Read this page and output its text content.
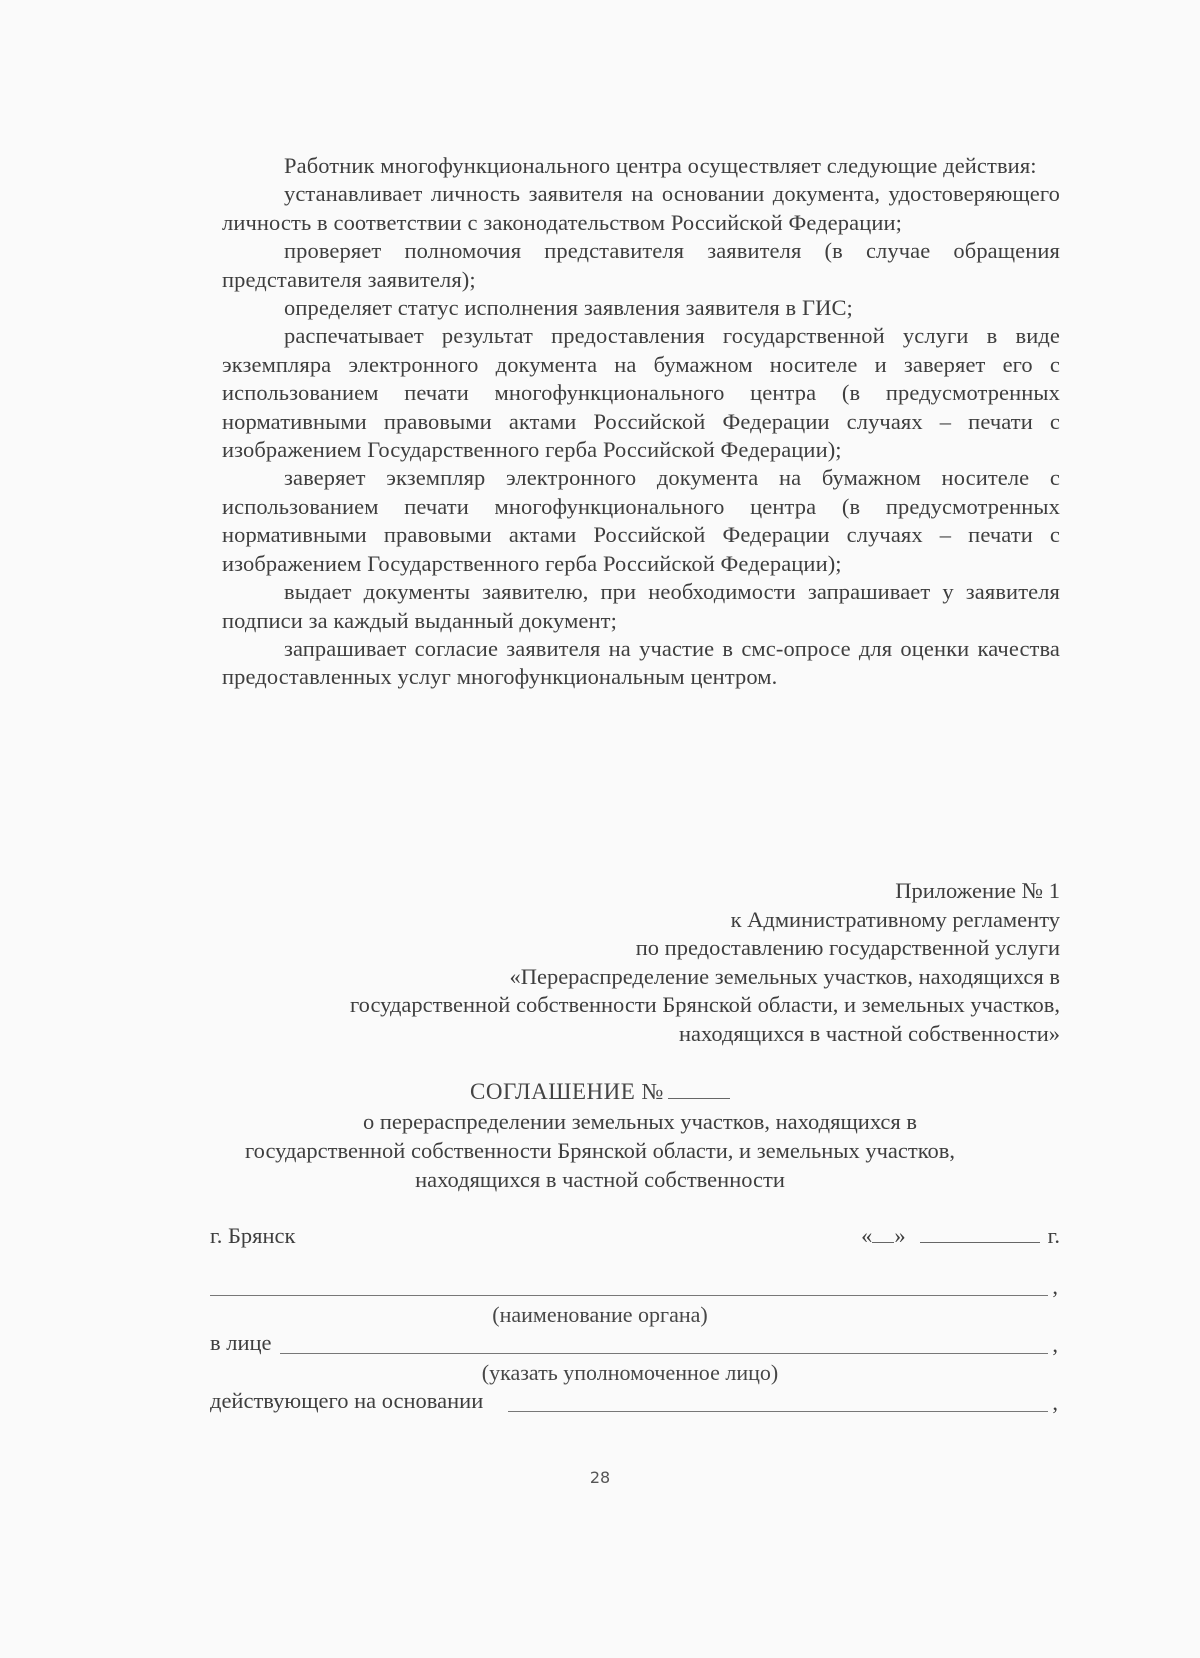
Работник многофункционального центра осуществляет следующие действия:

устанавливает личность заявителя на основании документа, удостоверяющего личность в соответствии с законодательством Российской Федерации;

проверяет полномочия представителя заявителя (в случае обращения представителя заявителя);

определяет статус исполнения заявления заявителя в ГИС;

распечатывает результат предоставления государственной услуги в виде экземпляра электронного документа на бумажном носителе и заверяет его с использованием печати многофункционального центра (в предусмотренных нормативными правовыми актами Российской Федерации случаях – печати с изображением Государственного герба Российской Федерации);

заверяет экземпляр электронного документа на бумажном носителе с использованием печати многофункционального центра (в предусмотренных нормативными правовыми актами Российской Федерации случаях – печати с изображением Государственного герба Российской Федерации);

выдает документы заявителю, при необходимости запрашивает у заявителя подписи за каждый выданный документ;

запрашивает согласие заявителя на участие в смс-опросе для оценки качества предоставленных услуг многофункциональным центром.

Приложение № 1
к Административному регламенту
по предоставлению государственной услуги
«Перераспределение земельных участков, находящихся в
государственной собственности Брянской области, и земельных участков,
находящихся в частной собственности»
СОГЛАШЕНИЕ №
о перераспределении земельных участков, находящихся в
государственной собственности Брянской области, и земельных участков,
находящихся в частной собственности
г. Брянск	« »	г.
,
(наименование органа)
в лице	,
(указать уполномоченное лицо)
действующего на основании	,
28
